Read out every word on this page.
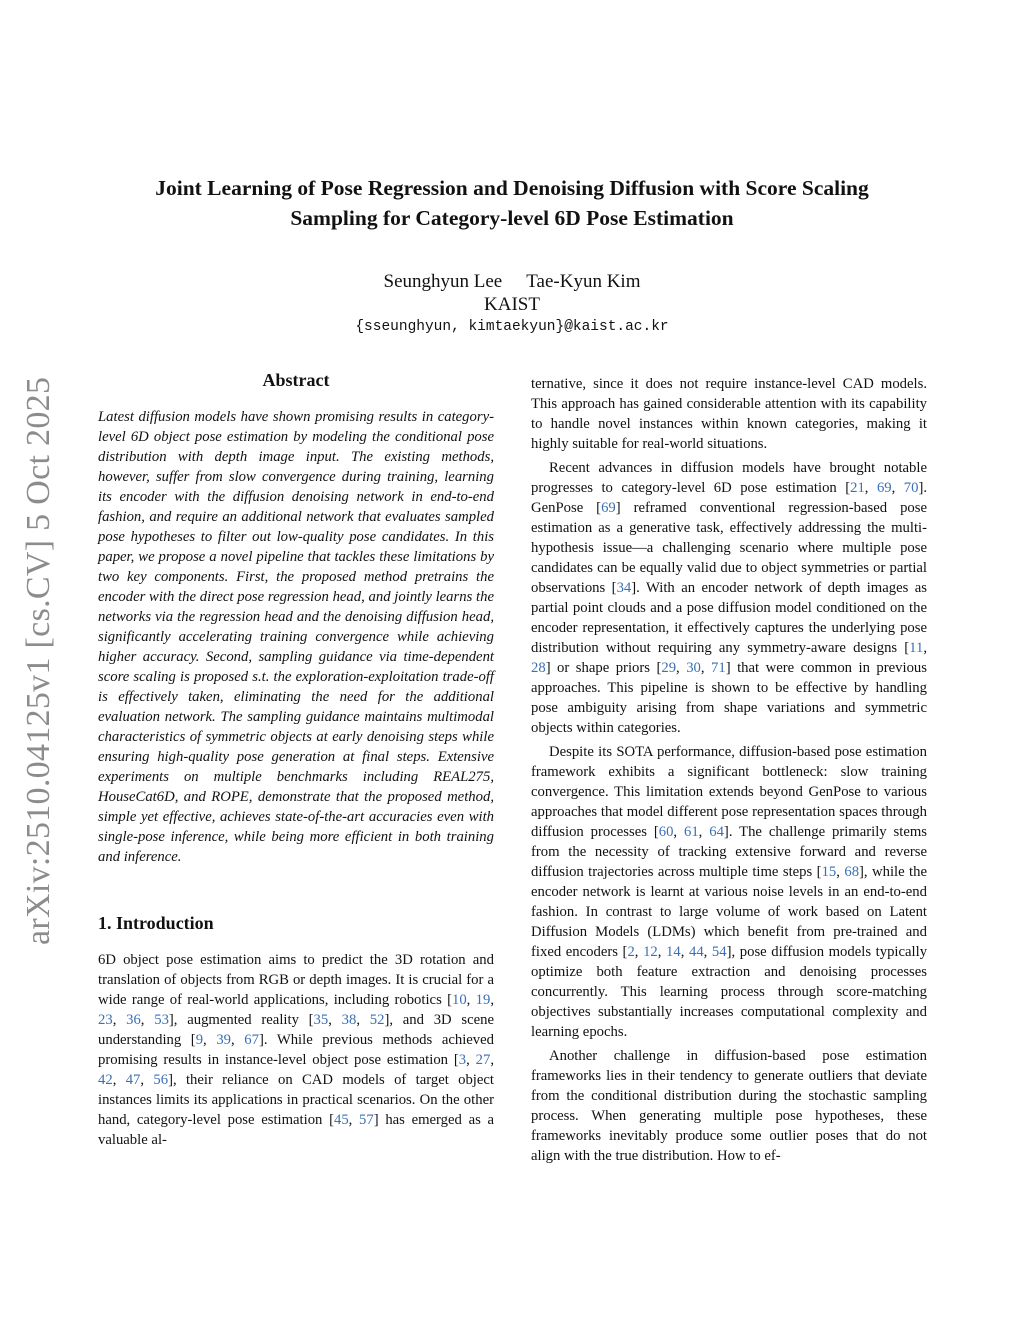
arXiv:2510.04125v1 [cs.CV] 5 Oct 2025
Joint Learning of Pose Regression and Denoising Diffusion with Score Scaling
Sampling for Category-level 6D Pose Estimation
Seunghyun Lee Tae-Kyun Kim
KAIST
{sseunghyun, kimtaekyun}@kaist.ac.kr
Abstract

Latest diffusion models have shown promising results in category-level 6D object pose estimation by modeling the conditional pose distribution with depth image input. The existing methods, however, suffer from slow convergence during training, learning its encoder with the diffusion denoising network in end-to-end fashion, and require an additional network that evaluates sampled pose hypotheses to filter out low-quality pose candidates. In this paper, we propose a novel pipeline that tackles these limitations by two key components. First, the proposed method pretrains the encoder with the direct pose regression head, and jointly learns the networks via the regression head and the denoising diffusion head, significantly accelerating training convergence while achieving higher accuracy. Second, sampling guidance via time-dependent score scaling is proposed s.t. the exploration-exploitation trade-off is effectively taken, eliminating the need for the additional evaluation network. The sampling guidance maintains multimodal characteristics of symmetric objects at early denoising steps while ensuring high-quality pose generation at final steps. Extensive experiments on multiple benchmarks including REAL275, HouseCat6D, and ROPE, demonstrate that the proposed method, simple yet effective, achieves state-of-the-art accuracies even with single-pose inference, while being more efficient in both training and inference.

1. Introduction

6D object pose estimation aims to predict the 3D rotation and translation of objects from RGB or depth images. It is crucial for a wide range of real-world applications, including robotics [10, 19, 23, 36, 53], augmented reality [35, 38, 52], and 3D scene understanding [9, 39, 67]. While previous methods achieved promising results in instance-level object pose estimation [3, 27, 42, 47, 56], their reliance on CAD models of target object instances limits its applications in practical scenarios. On the other hand, category-level pose estimation [45, 57] has emerged as a valuable al-

ternative, since it does not require instance-level CAD models. This approach has gained considerable attention with its capability to handle novel instances within known categories, making it highly suitable for real-world situations.

Recent advances in diffusion models have brought notable progresses to category-level 6D pose estimation [21, 69, 70]. GenPose [69] reframed conventional regression-based pose estimation as a generative task, effectively addressing the multi-hypothesis issue—a challenging scenario where multiple pose candidates can be equally valid due to object symmetries or partial observations [34]. With an encoder network of depth images as partial point clouds and a pose diffusion model conditioned on the encoder representation, it effectively captures the underlying pose distribution without requiring any symmetry-aware designs [11, 28] or shape priors [29, 30, 71] that were common in previous approaches. This pipeline is shown to be effective by handling pose ambiguity arising from shape variations and symmetric objects within categories.

Despite its SOTA performance, diffusion-based pose estimation framework exhibits a significant bottleneck: slow training convergence. This limitation extends beyond GenPose to various approaches that model different pose representation spaces through diffusion processes [60, 61, 64]. The challenge primarily stems from the necessity of tracking extensive forward and reverse diffusion trajectories across multiple time steps [15, 68], while the encoder network is learnt at various noise levels in an end-to-end fashion. In contrast to large volume of work based on Latent Diffusion Models (LDMs) which benefit from pre-trained and fixed encoders [2, 12, 14, 44, 54], pose diffusion models typically optimize both feature extraction and denoising processes concurrently. This learning process through score-matching objectives substantially increases computational complexity and learning epochs.

Another challenge in diffusion-based pose estimation frameworks lies in their tendency to generate outliers that deviate from the conditional distribution during the stochastic sampling process. When generating multiple pose hypotheses, these frameworks inevitably produce some outlier poses that do not align with the true distribution. How to ef-
